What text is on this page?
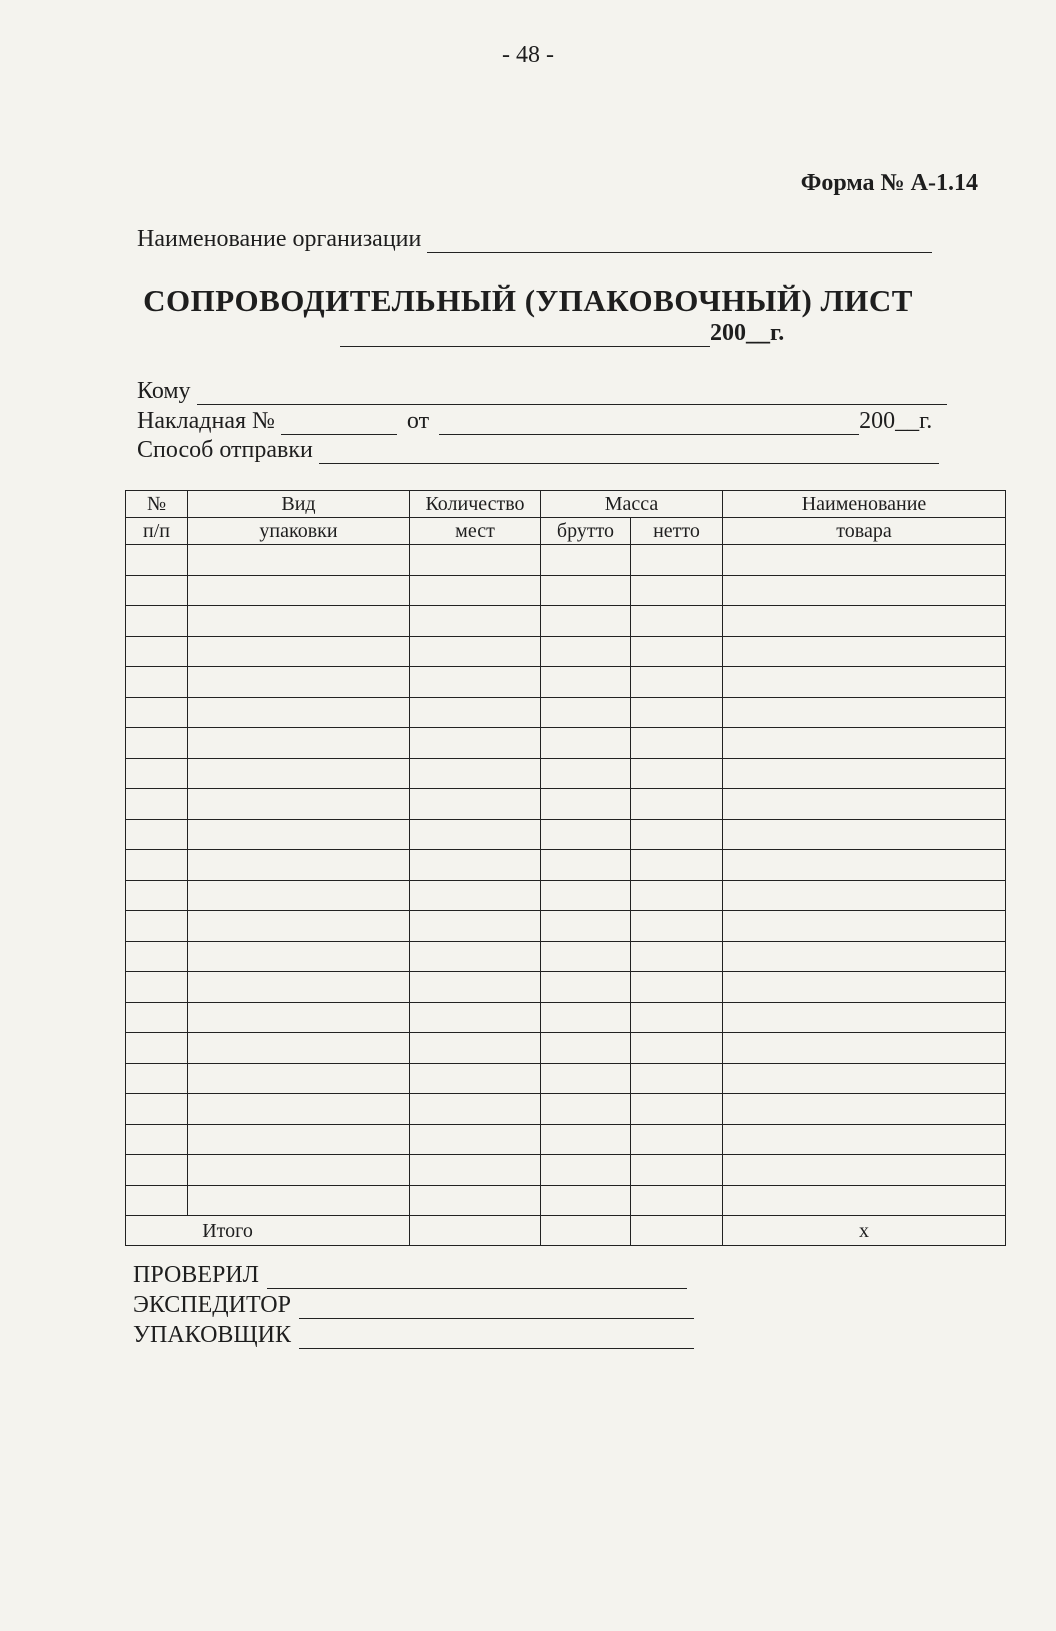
- 48 -
Форма № А-1.14
Наименование организации
СОПРОВОДИТЕЛЬНЫЙ (УПАКОВОЧНЫЙ) ЛИСТ
200__г.
Кому
Накладная №	от	200__г.
Способ отправки
№	Вид	Количество	Масса		Наименование
п/п	упаковки	мест	брутто	нетто	товара

Итого					х
ПРОВЕРИЛ
ЭКСПЕДИТОР
УПАКОВЩИК
